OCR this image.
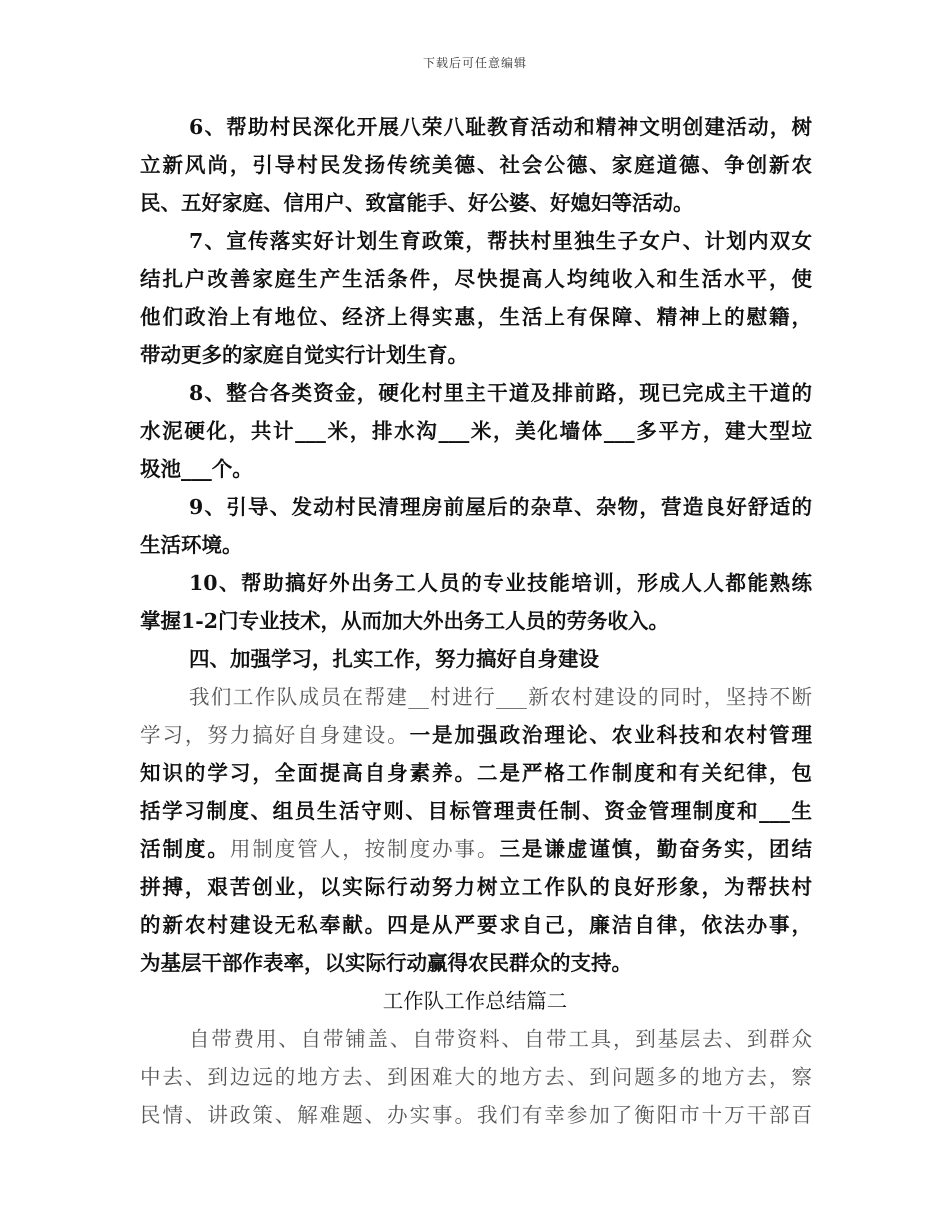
下载后可任意编辑
6、帮助村民深化开展八荣八耻教育活动和精神文明创建活动，树
立新风尚，引导村民发扬传统美德、社会公德、家庭道德、争创新农
民、五好家庭、信用户、致富能手、好公婆、好媳妇等活动。
7、宣传落实好计划生育政策，帮扶村里独生子女户、计划内双女
结扎户改善家庭生产生活条件，尽快提高人均纯收入和生活水平，使
他们政治上有地位、经济上得实惠，生活上有保障、精神上的慰籍，
带动更多的家庭自觉实行计划生育。
8、整合各类资金，硬化村里主干道及排前路，现已完成主干道的
水泥硬化，共计___米，排水沟___米，美化墙体___多平方，建大型垃
圾池___个。
9、引导、发动村民清理房前屋后的杂草、杂物，营造良好舒适的
生活环境。
10、帮助搞好外出务工人员的专业技能培训，形成人人都能熟练
掌握1-2门专业技术，从而加大外出务工人员的劳务收入。
四、加强学习，扎实工作，努力搞好自身建设
我们工作队成员在帮建__村进行___新农村建设的同时，坚持不断
学习，努力搞好自身建设。一是加强政治理论、农业科技和农村管理
知识的学习，全面提高自身素养。二是严格工作制度和有关纪律，包
括学习制度、组员生活守则、目标管理责任制、资金管理制度和___生
活制度。用制度管人，按制度办事。三是谦虚谨慎，勤奋务实，团结
拼搏，艰苦创业，以实际行动努力树立工作队的良好形象，为帮扶村
的新农村建设无私奉献。四是从严要求自己，廉洁自律，依法办事，
为基层干部作表率，以实际行动赢得农民群众的支持。
工作队工作总结篇二
自带费用、自带铺盖、自带资料、自带工具，到基层去、到群众
中去、到边远的地方去、到困难大的地方去、到问题多的地方去，察
民情、讲政策、解难题、办实事。我们有幸参加了衡阳市十万干部百
